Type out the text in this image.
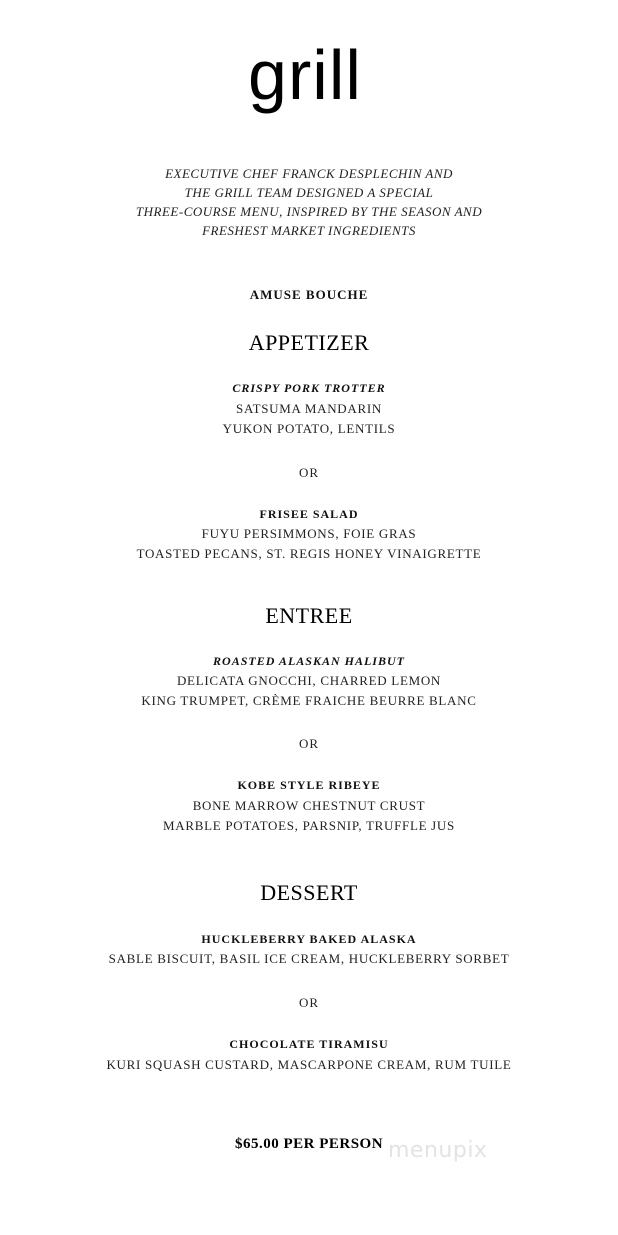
grill
EXECUTIVE CHEF FRANCK DESPLECHIN AND
THE GRILL TEAM DESIGNED A SPECIAL
THREE-COURSE MENU, INSPIRED BY THE SEASON AND
FRESHEST MARKET INGREDIENTS
AMUSE BOUCHE
APPETIZER
CRISPY PORK TROTTER
SATSUMA MANDARIN
YUKON POTATO, LENTILS
OR
FRISEE SALAD
FUYU PERSIMMONS, FOIE GRAS
TOASTED PECANS, ST. REGIS HONEY VINAIGRETTE
ENTREE
ROASTED ALASKAN HALIBUT
DELICATA GNOCCHI, CHARRED LEMON
KING TRUMPET, CRÈME FRAICHE BEURRE BLANC
OR
KOBE STYLE RIBEYE
BONE MARROW CHESTNUT CRUST
MARBLE POTATOES, PARSNIP, TRUFFLE JUS
DESSERT
HUCKLEBERRY BAKED ALASKA
SABLE BISCUIT, BASIL ICE CREAM, HUCKLEBERRY SORBET
OR
CHOCOLATE TIRAMISU
KURI SQUASH CUSTARD, MASCARPONE CREAM, RUM TUILE
$65.00 PER PERSON menupix
